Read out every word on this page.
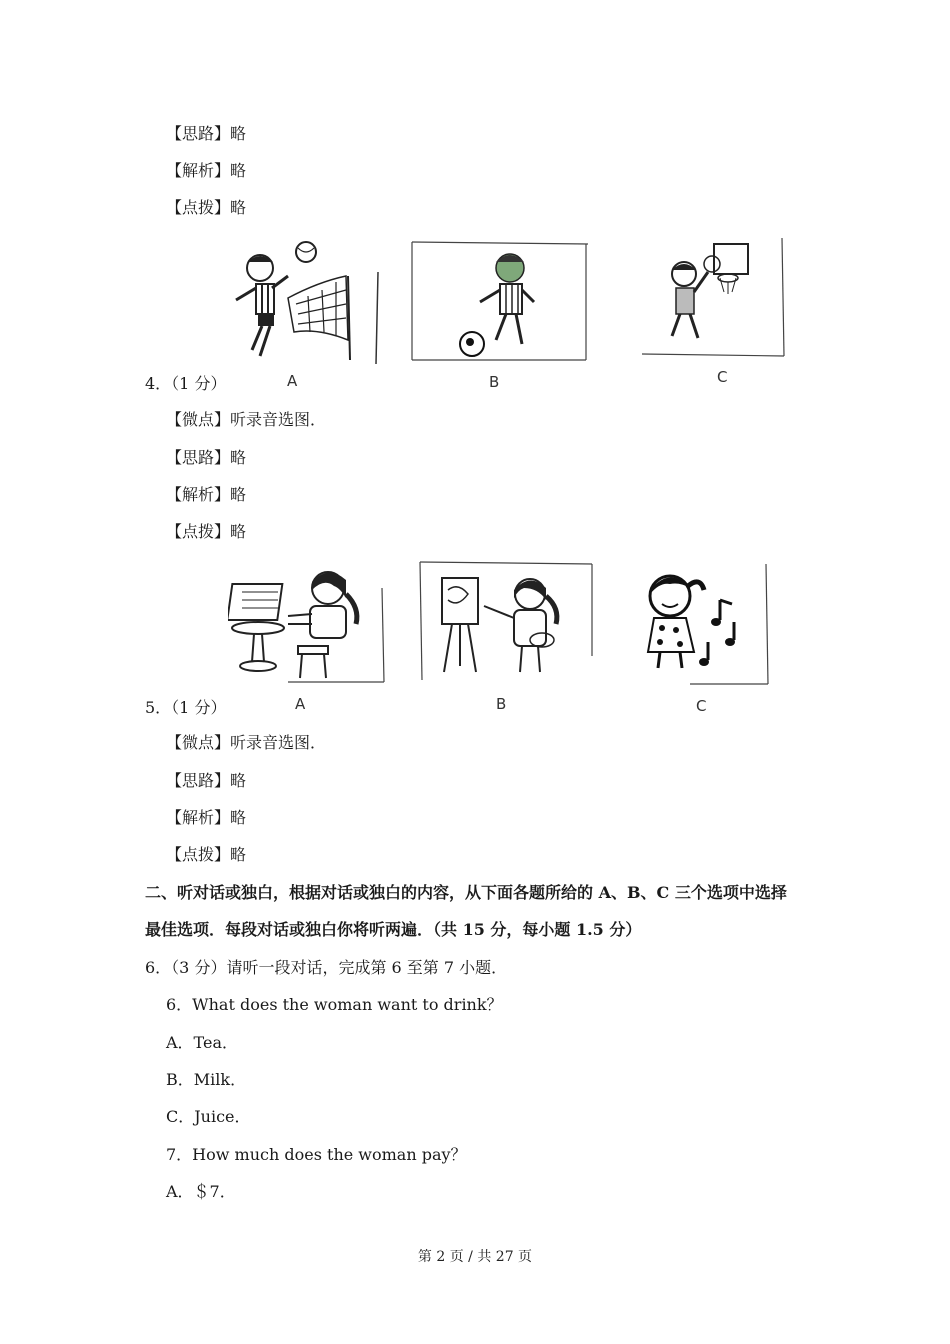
【思路】略
【解析】略
【点拨】略
4．（1 分）	A	B	C
【微点】听录音选图．
【思路】略
【解析】略
【点拨】略
5．（1 分）	A	B	C
【微点】听录音选图．
【思路】略
【解析】略
【点拨】略
二、听对话或独白，根据对话或独白的内容，从下面各题所给的 A、B、C 三个选项中选择
最佳选项．每段对话或独白你将听两遍．（共 15 分，每小题 1.5 分）
6．（3 分）请听一段对话，完成第 6 至第 7 小题．
6．What does the woman want to drink？
A．Tea．
B．Milk．
C．Juice．
7．How much does the woman pay？
A．＄7．
第 2 页 / 共 27 页
